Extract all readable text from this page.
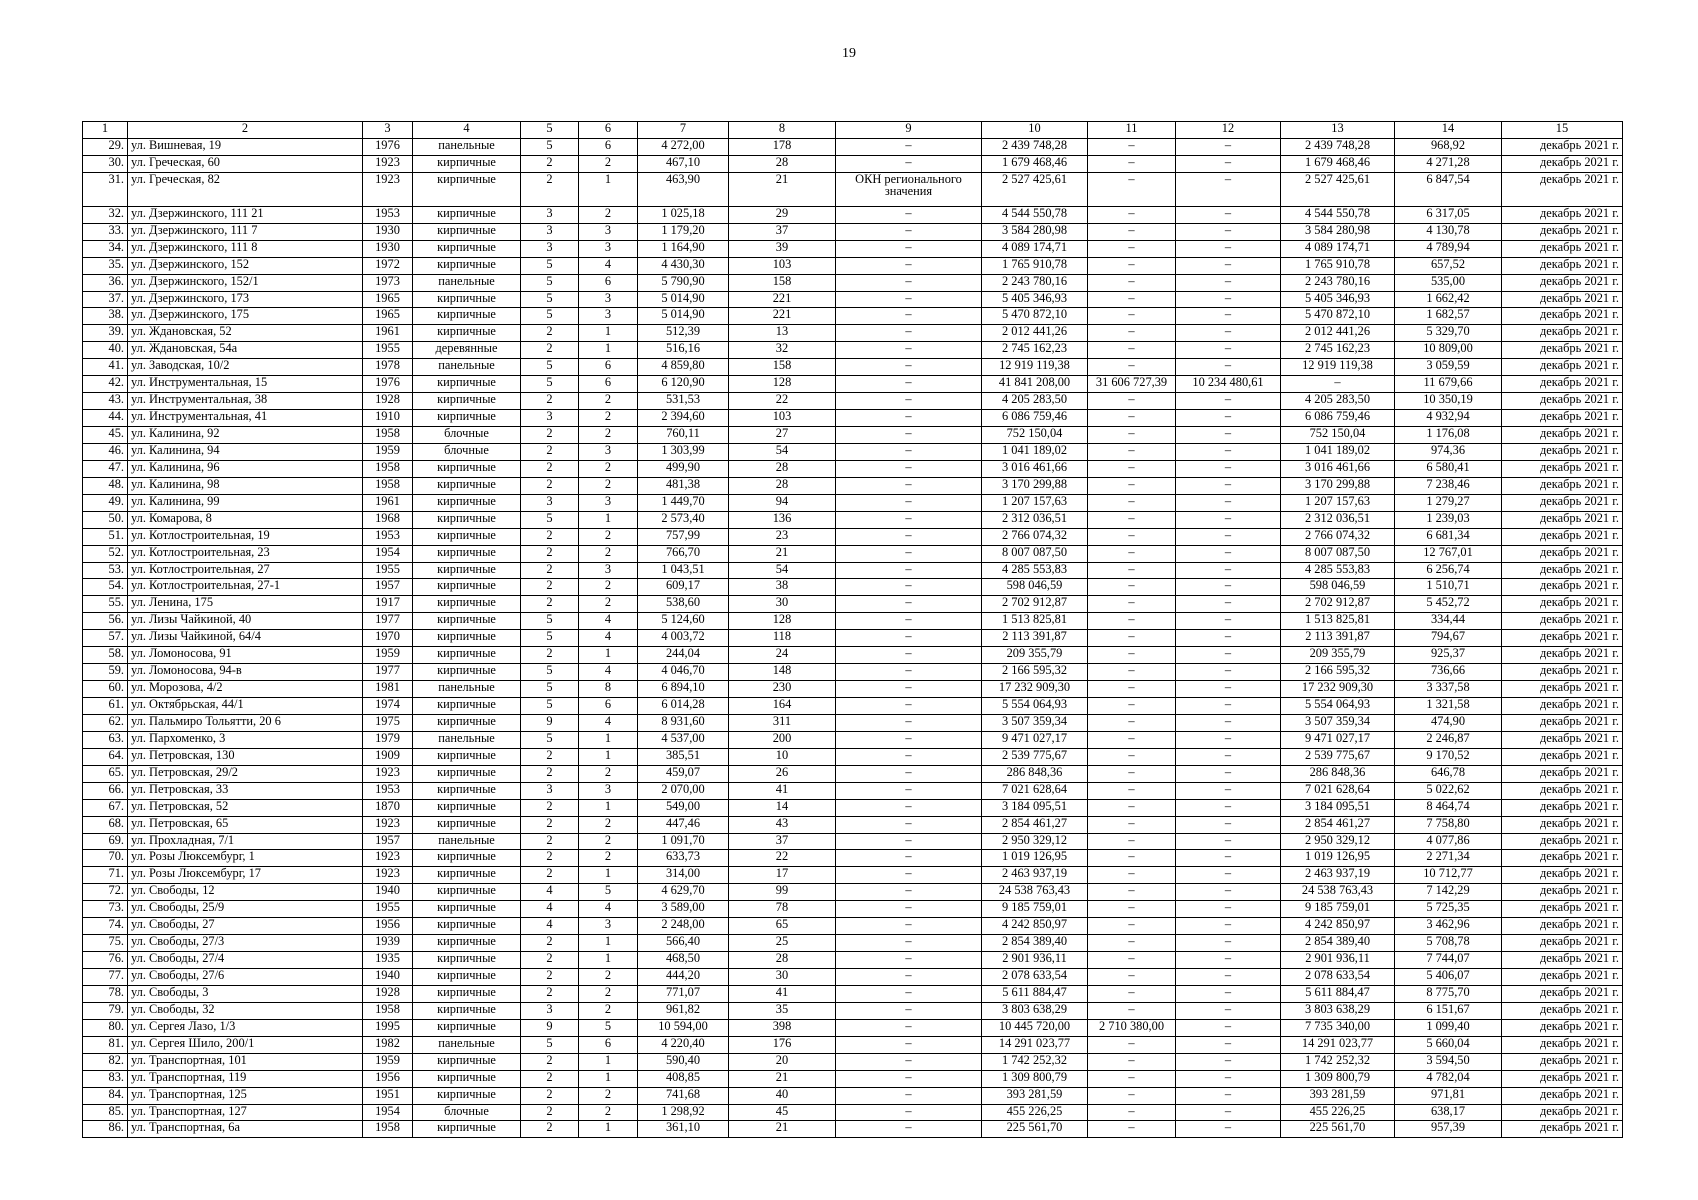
19
1	2	3	4	5	6	7	8	9	10	11	12	13	14	15
29.	ул. Вишневая, 19	1976	панельные	5	6	4 272,00	178	–	2 439 748,28	–	–	2 439 748,28	968,92	декабрь 2021 г.
30.	ул. Греческая, 60	1923	кирпичные	2	2	467,10	28	–	1 679 468,46	–	–	1 679 468,46	4 271,28	декабрь 2021 г.
31.	ул. Греческая, 82	1923	кирпичные	2	1	463,90	21	ОКН регионального значения	2 527 425,61	–	–	2 527 425,61	6 847,54	декабрь 2021 г.
32.	ул. Дзержинского, 111 21	1953	кирпичные	3	2	1 025,18	29	–	4 544 550,78	–	–	4 544 550,78	6 317,05	декабрь 2021 г.
33.	ул. Дзержинского, 111 7	1930	кирпичные	3	3	1 179,20	37	–	3 584 280,98	–	–	3 584 280,98	4 130,78	декабрь 2021 г.
34.	ул. Дзержинского, 111 8	1930	кирпичные	3	3	1 164,90	39	–	4 089 174,71	–	–	4 089 174,71	4 789,94	декабрь 2021 г.
35.	ул. Дзержинского, 152	1972	кирпичные	5	4	4 430,30	103	–	1 765 910,78	–	–	1 765 910,78	657,52	декабрь 2021 г.
36.	ул. Дзержинского, 152/1	1973	панельные	5	6	5 790,90	158	–	2 243 780,16	–	–	2 243 780,16	535,00	декабрь 2021 г.
37.	ул. Дзержинского, 173	1965	кирпичные	5	3	5 014,90	221	–	5 405 346,93	–	–	5 405 346,93	1 662,42	декабрь 2021 г.
38.	ул. Дзержинского, 175	1965	кирпичные	5	3	5 014,90	221	–	5 470 872,10	–	–	5 470 872,10	1 682,57	декабрь 2021 г.
39.	ул. Ждановская, 52	1961	кирпичные	2	1	512,39	13	–	2 012 441,26	–	–	2 012 441,26	5 329,70	декабрь 2021 г.
40.	ул. Ждановская, 54а	1955	деревянные	2	1	516,16	32	–	2 745 162,23	–	–	2 745 162,23	10 809,00	декабрь 2021 г.
41.	ул. Заводская, 10/2	1978	панельные	5	6	4 859,80	158	–	12 919 119,38	–	–	12 919 119,38	3 059,59	декабрь 2021 г.
42.	ул. Инструментальная, 15	1976	кирпичные	5	6	6 120,90	128	–	41 841 208,00	31 606 727,39	10 234 480,61	–	11 679,66	декабрь 2021 г.
43.	ул. Инструментальная, 38	1928	кирпичные	2	2	531,53	22	–	4 205 283,50	–	–	4 205 283,50	10 350,19	декабрь 2021 г.
44.	ул. Инструментальная, 41	1910	кирпичные	3	2	2 394,60	103	–	6 086 759,46	–	–	6 086 759,46	4 932,94	декабрь 2021 г.
45.	ул. Калинина, 92	1958	блочные	2	2	760,11	27	–	752 150,04	–	–	752 150,04	1 176,08	декабрь 2021 г.
46.	ул. Калинина, 94	1959	блочные	2	3	1 303,99	54	–	1 041 189,02	–	–	1 041 189,02	974,36	декабрь 2021 г.
47.	ул. Калинина, 96	1958	кирпичные	2	2	499,90	28	–	3 016 461,66	–	–	3 016 461,66	6 580,41	декабрь 2021 г.
48.	ул. Калинина, 98	1958	кирпичные	2	2	481,38	28	–	3 170 299,88	–	–	3 170 299,88	7 238,46	декабрь 2021 г.
49.	ул. Калинина, 99	1961	кирпичные	3	3	1 449,70	94	–	1 207 157,63	–	–	1 207 157,63	1 279,27	декабрь 2021 г.
50.	ул. Комарова, 8	1968	кирпичные	5	1	2 573,40	136	–	2 312 036,51	–	–	2 312 036,51	1 239,03	декабрь 2021 г.
51.	ул. Котлостроительная, 19	1953	кирпичные	2	2	757,99	23	–	2 766 074,32	–	–	2 766 074,32	6 681,34	декабрь 2021 г.
52.	ул. Котлостроительная, 23	1954	кирпичные	2	2	766,70	21	–	8 007 087,50	–	–	8 007 087,50	12 767,01	декабрь 2021 г.
53.	ул. Котлостроительная, 27	1955	кирпичные	2	3	1 043,51	54	–	4 285 553,83	–	–	4 285 553,83	6 256,74	декабрь 2021 г.
54.	ул. Котлостроительная, 27-1	1957	кирпичные	2	2	609,17	38	–	598 046,59	–	–	598 046,59	1 510,71	декабрь 2021 г.
55.	ул. Ленина, 175	1917	кирпичные	2	2	538,60	30	–	2 702 912,87	–	–	2 702 912,87	5 452,72	декабрь 2021 г.
56.	ул. Лизы Чайкиной, 40	1977	кирпичные	5	4	5 124,60	128	–	1 513 825,81	–	–	1 513 825,81	334,44	декабрь 2021 г.
57.	ул. Лизы Чайкиной, 64/4	1970	кирпичные	5	4	4 003,72	118	–	2 113 391,87	–	–	2 113 391,87	794,67	декабрь 2021 г.
58.	ул. Ломоносова, 91	1959	кирпичные	2	1	244,04	24	–	209 355,79	–	–	209 355,79	925,37	декабрь 2021 г.
59.	ул. Ломоносова, 94-в	1977	кирпичные	5	4	4 046,70	148	–	2 166 595,32	–	–	2 166 595,32	736,66	декабрь 2021 г.
60.	ул. Морозова, 4/2	1981	панельные	5	8	6 894,10	230	–	17 232 909,30	–	–	17 232 909,30	3 337,58	декабрь 2021 г.
61.	ул. Октябрьская, 44/1	1974	кирпичные	5	6	6 014,28	164	–	5 554 064,93	–	–	5 554 064,93	1 321,58	декабрь 2021 г.
62.	ул. Пальмиро Тольятти, 20 6	1975	кирпичные	9	4	8 931,60	311	–	3 507 359,34	–	–	3 507 359,34	474,90	декабрь 2021 г.
63.	ул. Пархоменко, 3	1979	панельные	5	1	4 537,00	200	–	9 471 027,17	–	–	9 471 027,17	2 246,87	декабрь 2021 г.
64.	ул. Петровская, 130	1909	кирпичные	2	1	385,51	10	–	2 539 775,67	–	–	2 539 775,67	9 170,52	декабрь 2021 г.
65.	ул. Петровская, 29/2	1923	кирпичные	2	2	459,07	26	–	286 848,36	–	–	286 848,36	646,78	декабрь 2021 г.
66.	ул. Петровская, 33	1953	кирпичные	3	3	2 070,00	41	–	7 021 628,64	–	–	7 021 628,64	5 022,62	декабрь 2021 г.
67.	ул. Петровская, 52	1870	кирпичные	2	1	549,00	14	–	3 184 095,51	–	–	3 184 095,51	8 464,74	декабрь 2021 г.
68.	ул. Петровская, 65	1923	кирпичные	2	2	447,46	43	–	2 854 461,27	–	–	2 854 461,27	7 758,80	декабрь 2021 г.
69.	ул. Прохладная, 7/1	1957	панельные	2	2	1 091,70	37	–	2 950 329,12	–	–	2 950 329,12	4 077,86	декабрь 2021 г.
70.	ул. Розы Люксембург, 1	1923	кирпичные	2	2	633,73	22	–	1 019 126,95	–	–	1 019 126,95	2 271,34	декабрь 2021 г.
71.	ул. Розы Люксембург, 17	1923	кирпичные	2	1	314,00	17	–	2 463 937,19	–	–	2 463 937,19	10 712,77	декабрь 2021 г.
72.	ул. Свободы, 12	1940	кирпичные	4	5	4 629,70	99	–	24 538 763,43	–	–	24 538 763,43	7 142,29	декабрь 2021 г.
73.	ул. Свободы, 25/9	1955	кирпичные	4	4	3 589,00	78	–	9 185 759,01	–	–	9 185 759,01	5 725,35	декабрь 2021 г.
74.	ул. Свободы, 27	1956	кирпичные	4	3	2 248,00	65	–	4 242 850,97	–	–	4 242 850,97	3 462,96	декабрь 2021 г.
75.	ул. Свободы, 27/3	1939	кирпичные	2	1	566,40	25	–	2 854 389,40	–	–	2 854 389,40	5 708,78	декабрь 2021 г.
76.	ул. Свободы, 27/4	1935	кирпичные	2	1	468,50	28	–	2 901 936,11	–	–	2 901 936,11	7 744,07	декабрь 2021 г.
77.	ул. Свободы, 27/6	1940	кирпичные	2	2	444,20	30	–	2 078 633,54	–	–	2 078 633,54	5 406,07	декабрь 2021 г.
78.	ул. Свободы, 3	1928	кирпичные	2	2	771,07	41	–	5 611 884,47	–	–	5 611 884,47	8 775,70	декабрь 2021 г.
79.	ул. Свободы, 32	1958	кирпичные	3	2	961,82	35	–	3 803 638,29	–	–	3 803 638,29	6 151,67	декабрь 2021 г.
80.	ул. Сергея Лазо, 1/3	1995	кирпичные	9	5	10 594,00	398	–	10 445 720,00	2 710 380,00	–	7 735 340,00	1 099,40	декабрь 2021 г.
81.	ул. Сергея Шило, 200/1	1982	панельные	5	6	4 220,40	176	–	14 291 023,77	–	–	14 291 023,77	5 660,04	декабрь 2021 г.
82.	ул. Транспортная, 101	1959	кирпичные	2	1	590,40	20	–	1 742 252,32	–	–	1 742 252,32	3 594,50	декабрь 2021 г.
83.	ул. Транспортная, 119	1956	кирпичные	2	1	408,85	21	–	1 309 800,79	–	–	1 309 800,79	4 782,04	декабрь 2021 г.
84.	ул. Транспортная, 125	1951	кирпичные	2	2	741,68	40	–	393 281,59	–	–	393 281,59	971,81	декабрь 2021 г.
85.	ул. Транспортная, 127	1954	блочные	2	2	1 298,92	45	–	455 226,25	–	–	455 226,25	638,17	декабрь 2021 г.
86.	ул. Транспортная, 6а	1958	кирпичные	2	1	361,10	21	–	225 561,70	–	–	225 561,70	957,39	декабрь 2021 г.
